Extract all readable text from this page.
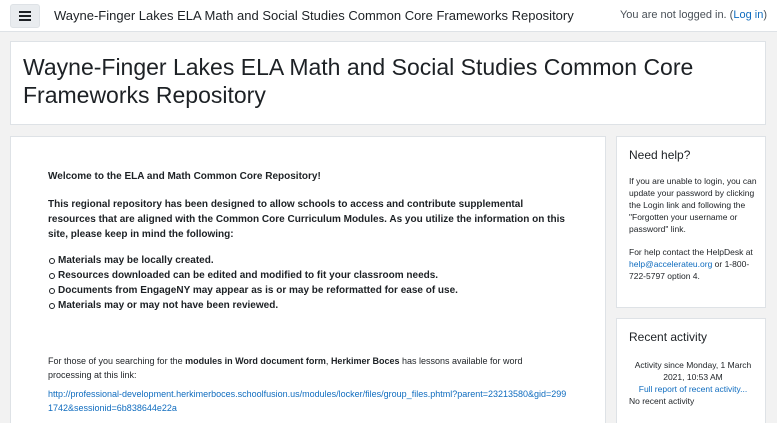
Wayne-Finger Lakes ELA Math and Social Studies Common Core Frameworks Repository	You are not logged in. (Log in)
Wayne-Finger Lakes ELA Math and Social Studies Common Core Frameworks Repository

Welcome to the ELA and Math Common Core Repository!

This regional repository has been designed to allow schools to access and contribute supplemental resources that are aligned with the Common Core Curriculum Modules. As you utilize the information on this site, please keep in mind the following:

Materials may be locally created.
Resources downloaded can be edited and modified to fit your classroom needs.
Documents from EngageNY may appear as is or may be reformatted for ease of use.
Materials may or may not have been reviewed.

For those of you searching for the modules in Word document form, Herkimer Boces has lessons available for word processing at this link:

http://professional-development.herkimerboces.schoolfusion.us/modules/locker/files/group_files.phtml?parent=23213580&gid=2991742&sessionid=6b838644e22a
Need help?

If you are unable to login, you can update your password by clicking the Login link and following the "Forgotten your username or password" link.

For help contact the HelpDesk at help@accelerateu.org or 1-800-722-5797 option 4.

Recent activity

Activity since Monday, 1 March 2021, 10:53 AM

Full report of recent activity...

No recent activity
